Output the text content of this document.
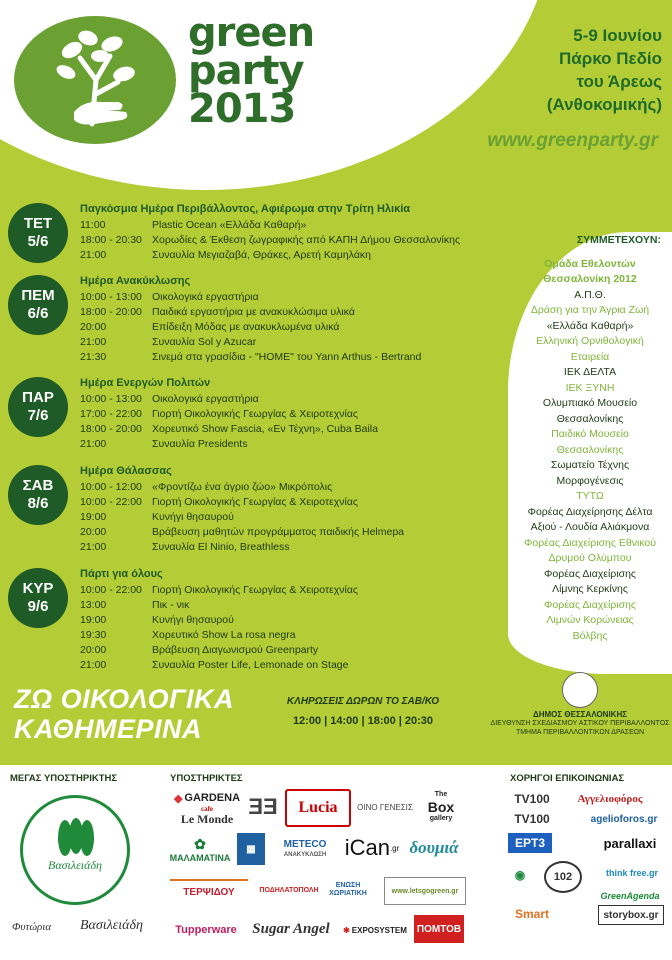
green
party
2013
5-9 Ιουνίου
Πάρκο Πεδίο
του Άρεως
(Ανθοκομικής)
www.greenparty.gr
ΤΕΤ
5/6
Παγκόσμια Ημέρα Περιβάλλοντος, Αφιέρωμα στην Τρίτη Ηλικία
11:00	Plastic Ocean «Ελλάδα Καθαρή»
18:00 - 20:30 Χορωδίες & Έκθεση ζωγραφικής από ΚΑΠΗ Δήμου Θεσσαλονίκης
21:00	Συναυλία Μεγιαζαβά, Θράκες, Αρετή Καμηλάκη
ΠΕΜ
6/6
Ημέρα Ανακύκλωσης
10:00 - 13:00 Οικολογικά εργαστήρια
18:00 - 20:00 Παιδικά εργαστήρια με ανακυκλώσιμα υλικά
20:00	Επίδειξη Μόδας με ανακυκλωμένα υλικά
21:00	Συναυλία Sol y Azucar
21:30	Σινεμά στα γρασίδια - "HOME" του Yann Arthus - Bertrand
ΠΑΡ
7/6
Ημέρα Ενεργών Πολιτών
10:00 - 13:00 Οικολογικά εργαστήρια
17:00 - 22:00 Γιορτή Οικολογικής Γεωργίας & Χειροτεχνίας
18:00 - 20:00 Χορευτικό Show Fascia, «Εν Τέχνη», Cuba Baila
21:00	Συναυλία Presidents
ΣΑΒ
8/6
Ημέρα Θάλασσας
10:00 - 12:00 «Φροντίζω ένα άγριο ζώο» Μικρόπολις
10:00 - 22:00 Γιορτή Οικολογικής Γεωργίας & Χειροτεχνίας
19:00	Κυνήγι θησαυρού
20:00	Βράβευση μαθητών προγράμματος παιδικής Helmepa
21:00	Συναυλία El Ninio, Breathless
ΚΥΡ
9/6
Πάρτι για όλους
10:00 - 22:00 Γιορτή Οικολογικής Γεωργίας & Χειροτεχνίας
13:00	Πικ - νικ
19:00	Κυνήγι θησαυρού
19:30	Χορευτικό Show La rosa negra
20:00	Βράβευση Διαγωνισμού Greenparty
21:00	Συναυλία Poster Life, Lemonade on Stage
ΣΥΜΜΕΤΕΧΟΥΝ:
Ομάδα Εθελοντών
Θεσσαλονίκη 2012
Α.Π.Θ.
Δράση για την Άγρια Ζωή
«Ελλάδα Καθαρή»
Ελληνική Ορνιθολογική
Εταιρεία
ΙΕΚ ΔΕΛΤΑ
ΙΕΚ ΞΥΝΗ
Ολυμπιακό Μουσείο
Θεσσαλονίκης
Παιδικό Μουσείο
Θεσσαλονίκης
Σωματείο Τέχνης
Μορφογένεσις
ΤΥΤΩ
Φορέας Διαχείρησης Δέλτα
Αξιού - Λουδία Αλιάκμονα
Φορέας Διαχείρισης Εθνικού
Δρυμού Ολύμπου
Φορέας Διαχείρισης
Λίμνης Κερκίνης
Φορέας Διαχείρισης
Λιμνών Κορώνειας
Βόλβης
ΖΩ ΟΙΚΟΛΟΓΙΚΑ
ΚΑΘΗΜΕΡΙΝΑ
ΚΛΗΡΩΣΕΙΣ ΔΩΡΩΝ ΤΟ ΣΑΒ/ΚΟ
12:00 | 14:00 | 18:00 | 20:30
ΔΗΜΟΣ ΘΕΣΣΑΛΟΝΙΚΗΣ
ΔΙΕΥΘΥΝΣΗ ΣΧΕΔΙΑΣΜΟΥ ΑΣΤΙΚΟΥ ΠΕΡΙΒΑΛΛΟΝΤΟΣ
ΤΜΗΜΑ ΠΕΡΙΒΑΛΛΟΝΤΙΚΩΝ ΔΡΑΣΕΩΝ
ΜΕΓΑΣ ΥΠΟΣΤΗΡΙΚΤΗΣ
Βασιλειάδη
Φυτώρια Βασιλειάδη
ΥΠΟΣΤΗΡΙΚΤΕΣ
◆ GARDENA
cafe
Le Monde ƎƎ	Lucia	ΟΙΝΟ ΓΕΝΕΣΙΣ
The
Box
gallery
✿
ΜΑΛΑΜΑΤΙΝΑ
▦	METECO
ΑΝΑΚΥΚΛΩΣΗ iCan .gr δουμιά
ΤΕΡΨΙΔΟΥ	ΠΟΔΗΛΑΤΟΠΟΛΗ
ΕΝΩΣΗ ΧΩΡΙΑΤΙΚΗ	www.letsgogreen.gr
Tupperware	Sugar Angel	✱ EXPOSYSTEM ΠΟΜΤΟΒ
ΧΟΡΗΓΟΙ ΕΠΙΚΟΙΝΩΝΙΑΣ
TV100	Αγγελιοφόρος
TV100	agelioforos.gr
ΕΡΤ3	parallaxi
◉	102	think free.gr
GreenAgenda
Smart	storybox.gr
